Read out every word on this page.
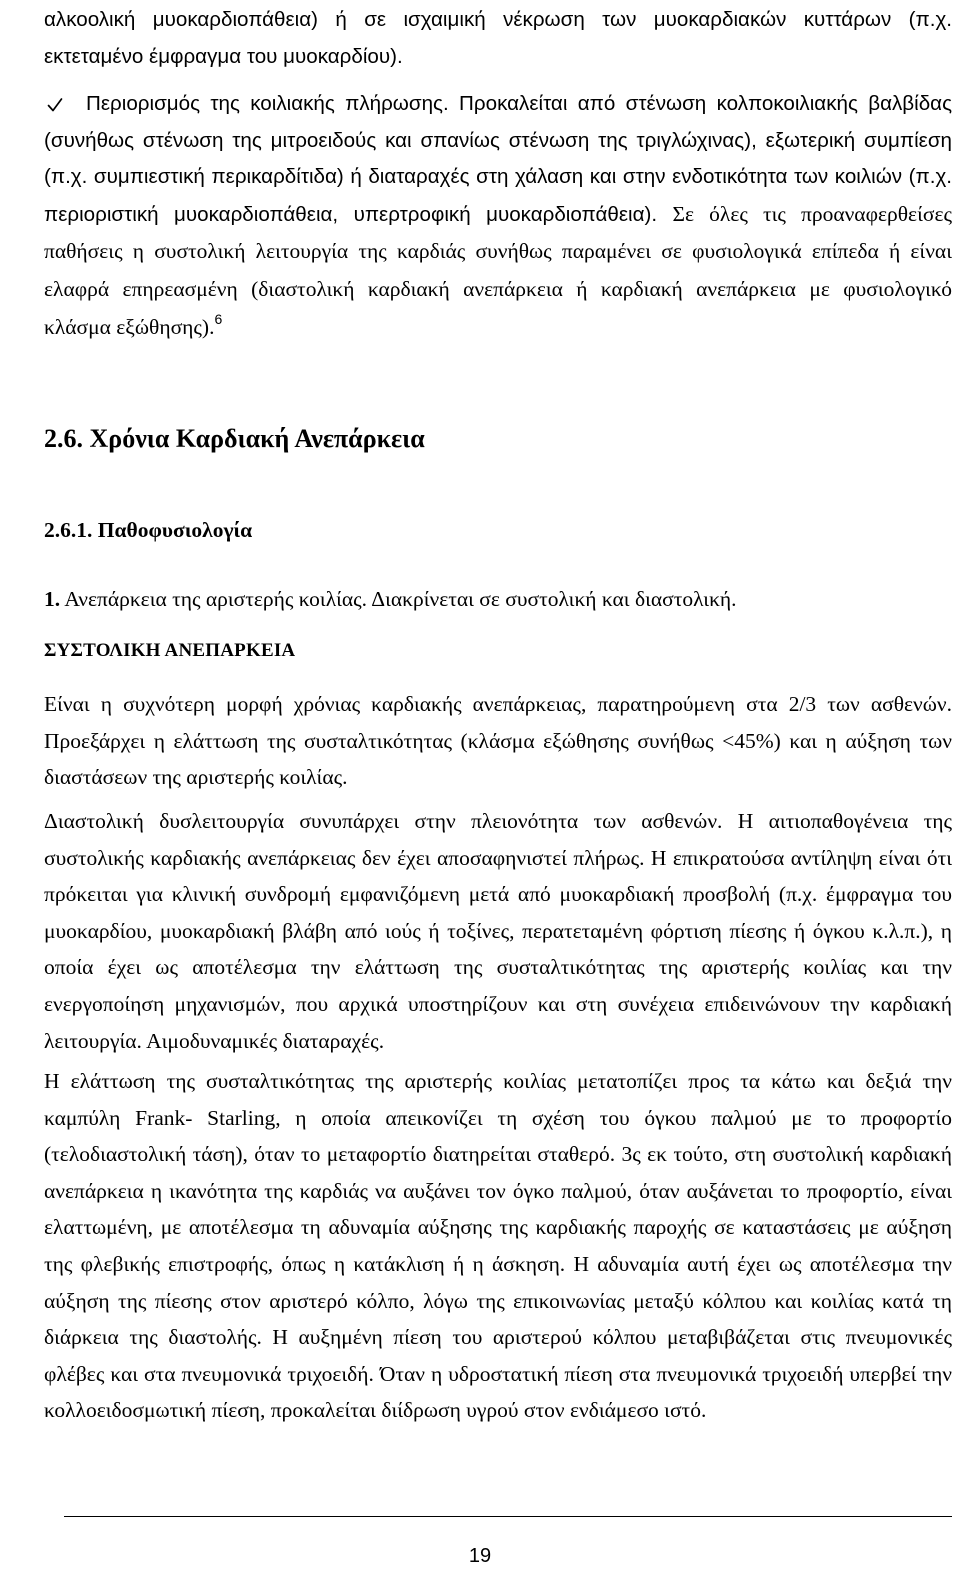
αλκοολική μυοκαρδιοπάθεια) ή σε ισχαιμική νέκρωση των μυοκαρδιακών κυττάρων (π.χ. εκτεταμένο έμφραγμα του μυοκαρδίου).

Περιορισμός της κοιλιακής πλήρωσης. Προκαλείται από στένωση κολποκοιλιακής βαλβίδας (συνήθως στένωση της μιτροειδούς και σπανίως στένωση της τριγλώχινας), εξωτερική συμπίεση (π.χ. συμπιεστική περικαρδίτιδα) ή διαταραχές στη χάλαση και στην ενδοτικότητα των κοιλιών (π.χ. περιοριστική μυοκαρδιοπάθεια, υπερτροφική μυοκαρδιοπάθεια). Σε όλες τις προαναφερθείσες παθήσεις η συστολική λειτουργία της καρδιάς συνήθως παραμένει σε φυσιολογικά επίπεδα ή είναι ελαφρά επηρεασμένη (διαστολική καρδιακή ανεπάρκεια ή καρδιακή ανεπάρκεια με φυσιολογικό κλάσμα εξώθησης).$^6$

2.6. Χρόνια Καρδιακή Ανεπάρκεια
2.6.1. Παθοφυσιολογία

1. Ανεπάρκεια της αριστερής κοιλίας. Διακρίνεται σε συστολική και διαστολική.

ΣΥΣΤΟΛΙΚΗ ΑΝΕΠΑΡΚΕΙΑ

Είναι η συχνότερη μορφή χρόνιας καρδιακής ανεπάρκειας, παρατηρούμενη στα 2/3 των ασθενών. Προεξάρχει η ελάττωση της συσταλτικότητας (κλάσμα εξώθησης συνήθως <45%) και η αύξηση των διαστάσεων της αριστερής κοιλίας.

Διαστολική δυσλειτουργία συνυπάρχει στην πλειονότητα των ασθενών. Η αιτιοπαθογένεια της συστολικής καρδιακής ανεπάρκειας δεν έχει αποσαφηνιστεί πλήρως. Η επικρατούσα αντίληψη είναι ότι πρόκειται για κλινική συνδρομή εμφανιζόμενη μετά από μυοκαρδιακή προσβολή (π.χ. έμφραγμα του μυοκαρδίου, μυοκαρδιακή βλάβη από ιούς ή τοξίνες, περατεταμένη φόρτιση πίεσης ή όγκου κ.λ.π.), η οποία έχει ως αποτέλεσμα την ελάττωση της συσταλτικότητας της αριστερής κοιλίας και την ενεργοποίηση μηχανισμών, που αρχικά υποστηρίζουν και στη συνέχεια επιδεινώνουν την καρδιακή λειτουργία. Αιμοδυναμικές διαταραχές.

Η ελάττωση της συσταλτικότητας της αριστερής κοιλίας μετατοπίζει προς τα κάτω και δεξιά την καμπύλη Frank- Starling, η οποία απεικονίζει τη σχέση του όγκου παλμού με το προφορτίο (τελοδιαστολική τάση), όταν το μεταφορτίο διατηρείται σταθερό. 3ς εκ τούτο, στη συστολική καρδιακή ανεπάρκεια η ικανότητα της καρδιάς να αυξάνει τον όγκο παλμού, όταν αυξάνεται το προφορτίο, είναι ελαττωμένη, με αποτέλεσμα τη αδυναμία αύξησης της καρδιακής παροχής σε καταστάσεις με αύξηση της φλεβικής επιστροφής, όπως η κατάκλιση ή η άσκηση. Η αδυναμία αυτή έχει ως αποτέλεσμα την αύξηση της πίεσης στον αριστερό κόλπο, λόγω της επικοινωνίας μεταξύ κόλπου και κοιλίας κατά τη διάρκεια της διαστολής. Η αυξημένη πίεση του αριστερού κόλπου μεταβιβάζεται στις πνευμονικές φλέβες και στα πνευμονικά τριχοειδή. Όταν η υδροστατική πίεση στα πνευμονικά τριχοειδή υπερβεί την κολλοειδοσμωτική πίεση, προκαλείται διίδρωση υγρού στον ενδιάμεσο ιστό.

19
